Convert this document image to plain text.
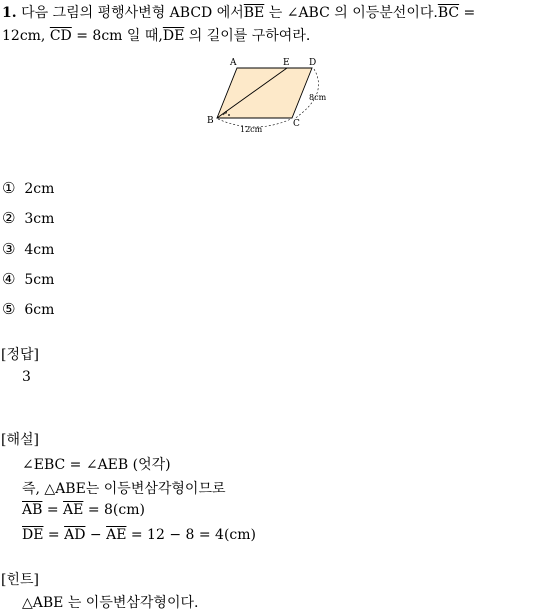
1. 다음 그림의 평행사변형 ABCD 에서$\overline{BE}$ 는 ∠ABC 의 이등분선이다$.\overline{BC}$ =
12cm, $\overline{CD} = 8cm$ 일 때$,\overline{DE}$ 의 길이를 구하여라.
A	E D
B	C
8cm
12cm
① 2cm
② 3cm
③ 4cm
④ 5cm
⑤ 6cm
[정답]
3
[해설]
∠EBC = ∠AEB (엇각)
즉, △ABE는 이등변삼각형이므로
$\overline{AB} = \overline{AE} = 8(cm)$
$\overline{DE} = \overline{AD} - \overline{AE} = 12 - 8 = 4(cm)$
[힌트]
△ABE 는 이등변삼각형이다.
